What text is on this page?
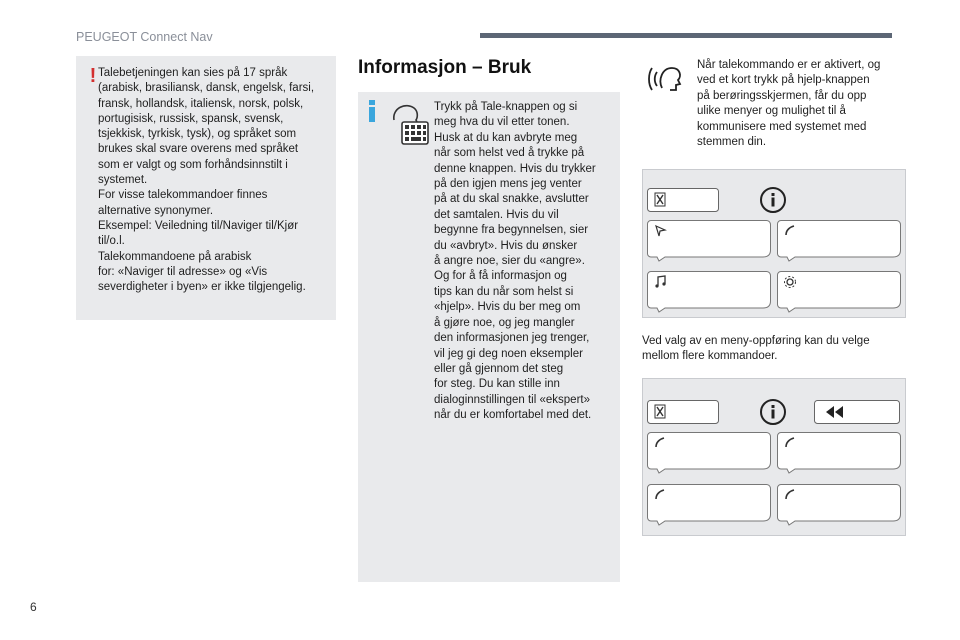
PEUGEOT Connect Nav
! Talebetjeningen kan sies på 17 språk
(arabisk, brasiliansk, dansk, engelsk, farsi,
fransk, hollandsk, italiensk, norsk, polsk,
portugisisk, russisk, spansk, svensk,
tsjekkisk, tyrkisk, tysk), og språket som
brukes skal svare overens med språket
som er valgt og som forhåndsinnstilt i
systemet.
For visse talekommandoer finnes
alternative synonymer.
Eksempel: Veiledning til/Naviger til/Kjør
til/o.l.
Talekommandoene på arabisk
for: «Naviger til adresse» og «Vis
severdigheter i byen» er ikke tilgjengelig.
Informasjon – Bruk
Trykk på Tale-knappen og si
meg hva du vil etter tonen.
Husk at du kan avbryte meg
når som helst ved å trykke på
denne knappen. Hvis du trykker
på den igjen mens jeg venter
på at du skal snakke, avslutter
det samtalen. Hvis du vil
begynne fra begynnelsen, sier
du «avbryt». Hvis du ønsker
å angre noe, sier du «angre».
Og for å få informasjon og
tips kan du når som helst si
«hjelp». Hvis du ber meg om
å gjøre noe, og jeg mangler
den informasjonen jeg trenger,
vil jeg gi deg noen eksempler
eller gå gjennom det steg
for steg. Du kan stille inn
dialoginnstillingen til «ekspert»
når du er komfortabel med det.
Når talekommando er er aktivert, og
ved et kort trykk på hjelp-knappen
på berøringsskjermen, får du opp
ulike menyer og mulighet til å
kommunisere med systemet med
stemmen din.
Ved valg av en meny-oppføring kan du velge
mellom flere kommandoer.
6
